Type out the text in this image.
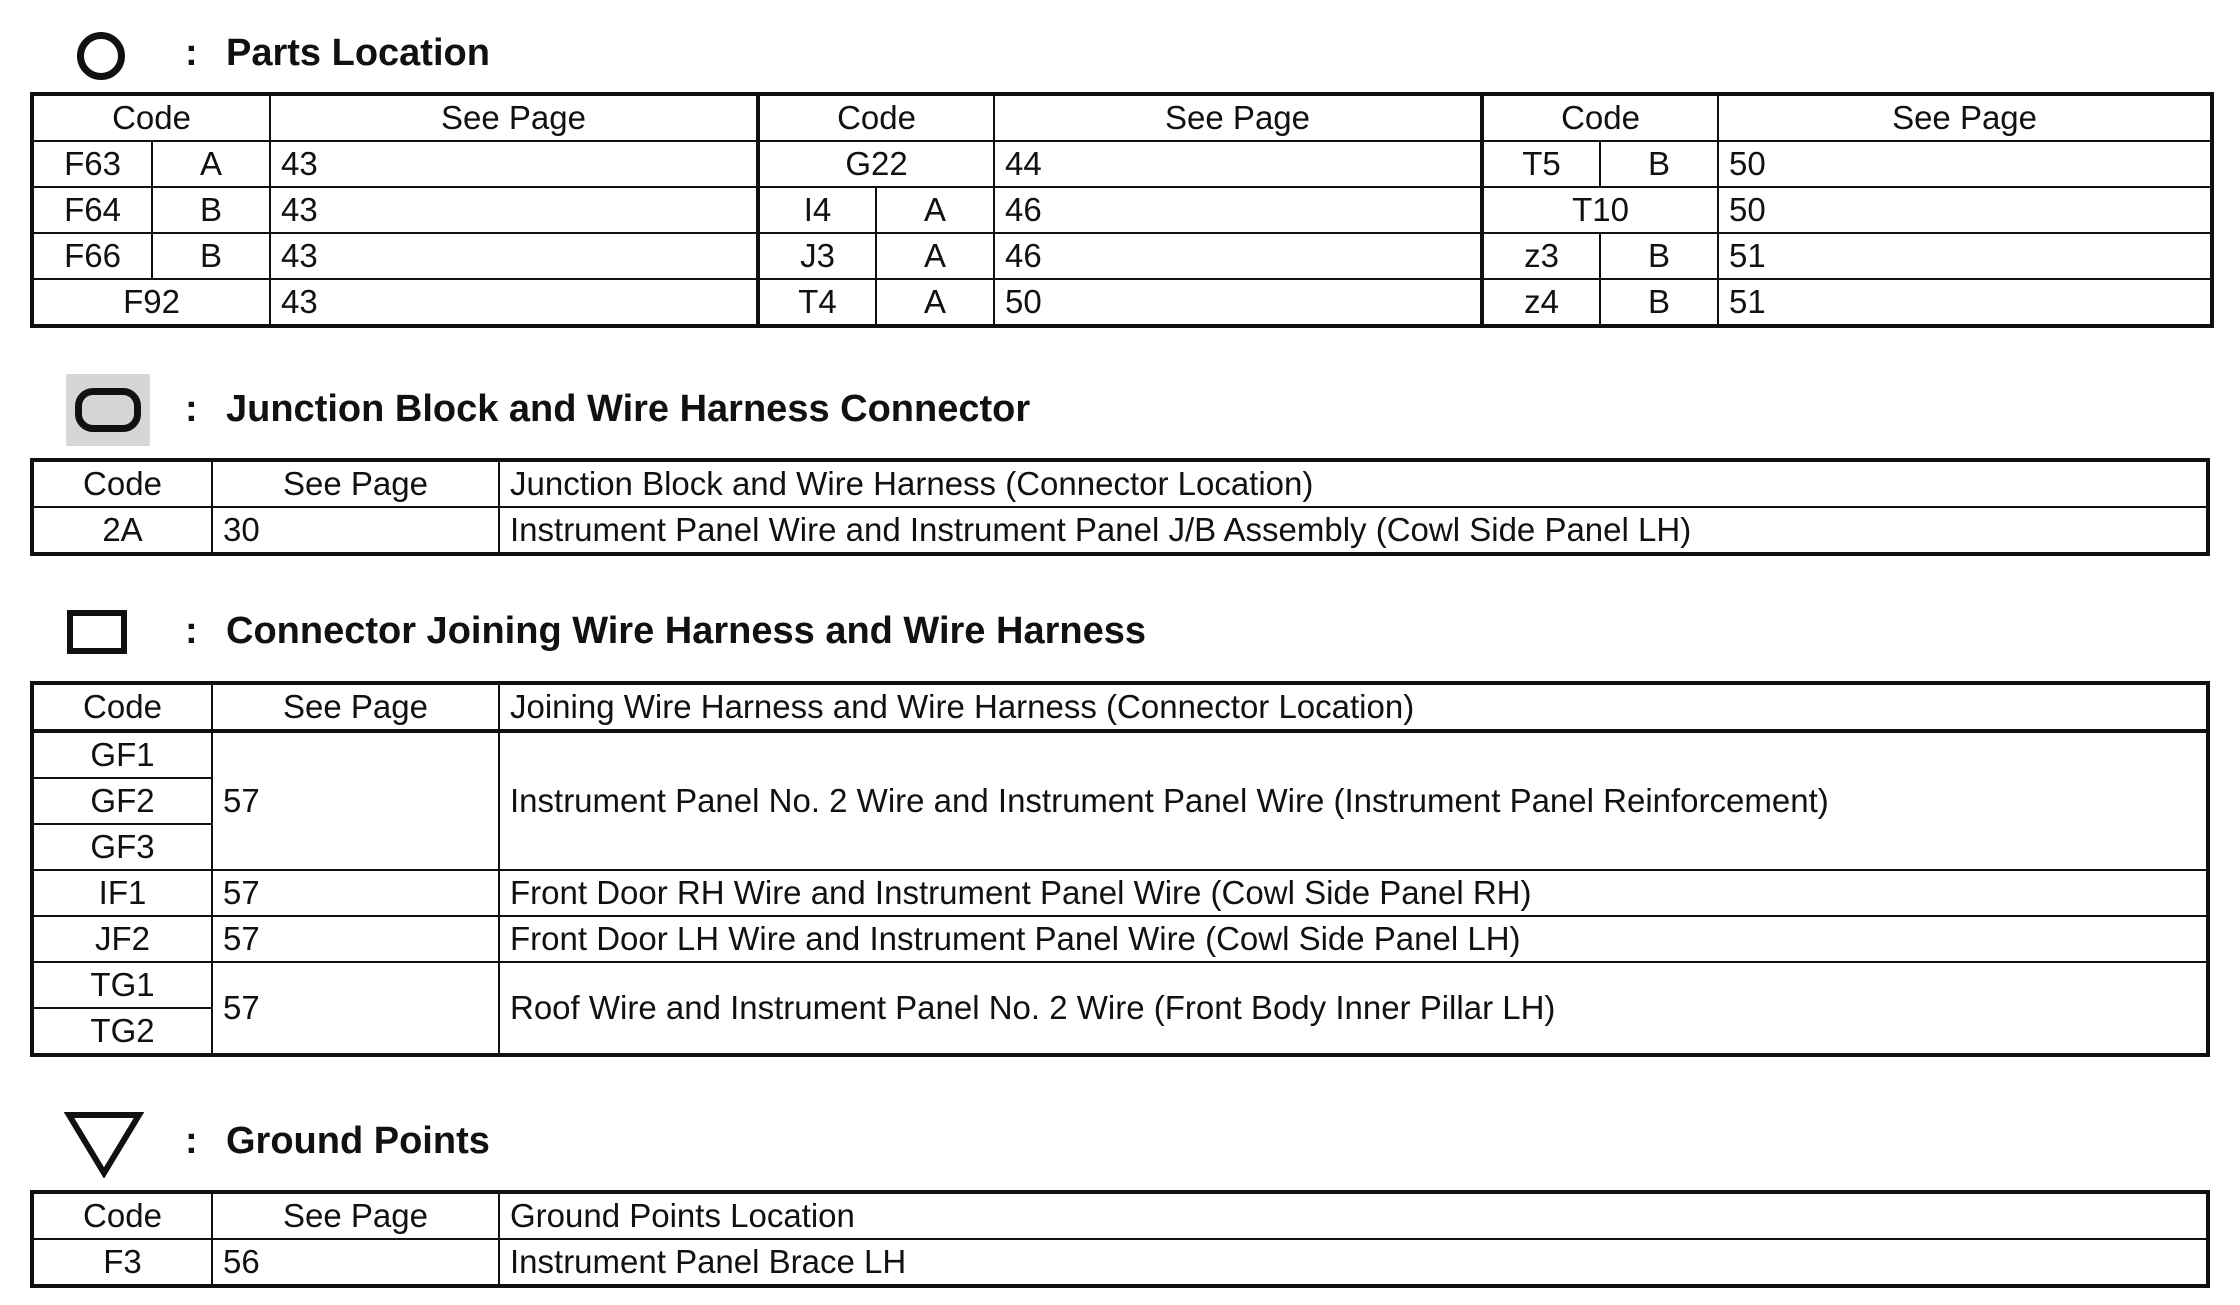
: Parts Location
Code		See Page	Code		See Page	Code		See Page
F63	A	43	G22		44	T5	B	50
F64	B	43	I4	A	46	T10		50
F66	B	43	J3	A	46	z3	B	51
F92		43	T4	A	50	z4	B	51
: Junction Block and Wire Harness Connector
Code	See Page	Junction Block and Wire Harness (Connector Location)
2A	30	Instrument Panel Wire and Instrument Panel J/B Assembly (Cowl Side Panel LH)
: Connector Joining Wire Harness and Wire Harness
Code	See Page	Joining Wire Harness and Wire Harness (Connector Location)
GF1	57	Instrument Panel No. 2 Wire and Instrument Panel Wire (Instrument Panel Reinforcement)
GF2		
GF3		
IF1	57	Front Door RH Wire and Instrument Panel Wire (Cowl Side Panel RH)
JF2	57	Front Door LH Wire and Instrument Panel Wire (Cowl Side Panel LH)
TG1	57	Roof Wire and Instrument Panel No. 2 Wire (Front Body Inner Pillar LH)
TG2		
: Ground Points
Code	See Page	Ground Points Location
F3	56	Instrument Panel Brace LH
